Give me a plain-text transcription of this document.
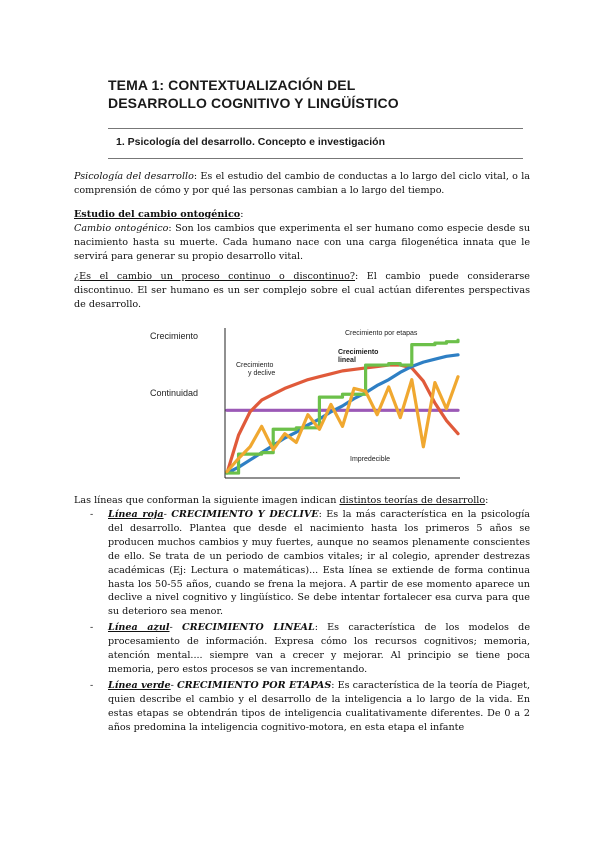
TEMA 1: CONTEXTUALIZACIÓN DEL
DESARROLLO COGNITIVO Y LINGÜÍSTICO
1. Psicología del desarrollo. Concepto e investigación
Psicología del desarrollo: Es el estudio del cambio de conductas a lo largo del ciclo vital, o la comprensión de cómo y por qué las personas cambian a lo largo del tiempo.
Estudio del cambio ontogénico:
Cambio ontogénico: Son los cambios que experimenta el ser humano como especie desde su nacimiento hasta su muerte. Cada humano nace con una carga filogenética innata que le servirá para generar su propio desarrollo vital.
¿Es el cambio un proceso continuo o discontinuo?: El cambio puede considerarse discontinuo. El ser humano es un ser complejo sobre el cual actúan diferentes perspectivas de desarrollo.
Crecimiento
Continuidad
Crecimiento por etapas
Crecimiento lineal
Crecimiento y declive
Impredecible
Las líneas que conforman la siguiente imagen indican distintos teorías de desarrollo:
- Línea roja- CRECIMIENTO Y DECLIVE: Es la más característica en la psicología del desarrollo. Plantea que desde el nacimiento hasta los primeros 5 años se producen muchos cambios y muy fuertes, aunque no seamos plenamente conscientes de ello. Se trata de un periodo de cambios vitales; ir al colegio, aprender destrezas académicas (Ej: Lectura o matemáticas)... Esta línea se extiende de forma continua hasta los 50-55 años, cuando se frena la mejora. A partir de ese momento aparece un declive a nivel cognitivo y lingüístico. Se debe intentar fortalecer esa curva para que su deterioro sea menor.
- Línea azul- CRECIMIENTO LINEAL: Es característica de los modelos de procesamiento de información. Expresa cómo los recursos cognitivos; memoria, atención mental.... siempre van a crecer y mejorar. Al principio se tiene poca memoria, pero estos procesos se van incrementando.
- Línea verde- CRECIMIENTO POR ETAPAS: Es característica de la teoría de Piaget, quien describe el cambio y el desarrollo de la inteligencia a lo largo de la vida. En estas etapas se obtendrán tipos de inteligencia cualitativamente diferentes. De 0 a 2 años predomina la inteligencia cognitivo-motora, en esta etapa el infante
